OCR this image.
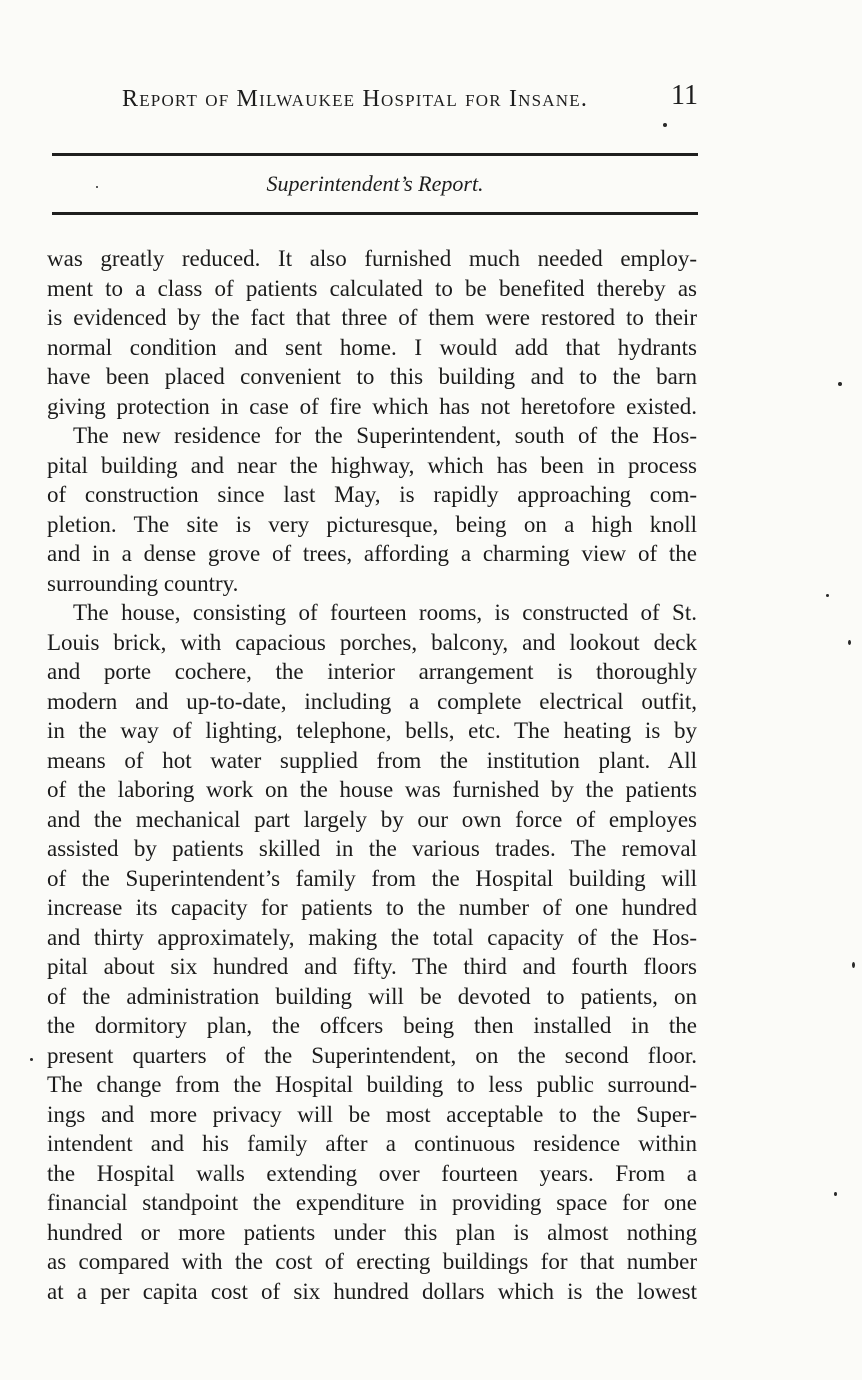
Report of Milwaukee Hospital for Insane.	11
Superintendent’s Report.
was greatly reduced. It also furnished much needed employ-
ment to a class of patients calculated to be benefited thereby as
is evidenced by the fact that three of them were restored to their
normal condition and sent home. I would add that hydrants
have been placed convenient to this building and to the barn
giving protection in case of fire which has not heretofore existed.
The new residence for the Superintendent, south of the Hos-
pital building and near the highway, which has been in process
of construction since last May, is rapidly approaching com-
pletion. The site is very picturesque, being on a high knoll
and in a dense grove of trees, affording a charming view of the
surrounding country.
The house, consisting of fourteen rooms, is constructed of St.
Louis brick, with capacious porches, balcony, and lookout deck
and porte cochere, the interior arrangement is thoroughly
modern and up-to-date, including a complete electrical outfit,
in the way of lighting, telephone, bells, etc. The heating is by
means of hot water supplied from the institution plant. All
of the laboring work on the house was furnished by the patients
and the mechanical part largely by our own force of employes
assisted by patients skilled in the various trades. The removal
of the Superintendent’s family from the Hospital building will
increase its capacity for patients to the number of one hundred
and thirty approximately, making the total capacity of the Hos-
pital about six hundred and fifty. The third and fourth floors
of the administration building will be devoted to patients, on
the dormitory plan, the offcers being then installed in the
present quarters of the Superintendent, on the second floor.
The change from the Hospital building to less public surround-
ings and more privacy will be most acceptable to the Super-
intendent and his family after a continuous residence within
the Hospital walls extending over fourteen years. From a
financial standpoint the expenditure in providing space for one
hundred or more patients under this plan is almost nothing
as compared with the cost of erecting buildings for that number
at a per capita cost of six hundred dollars which is the lowest
